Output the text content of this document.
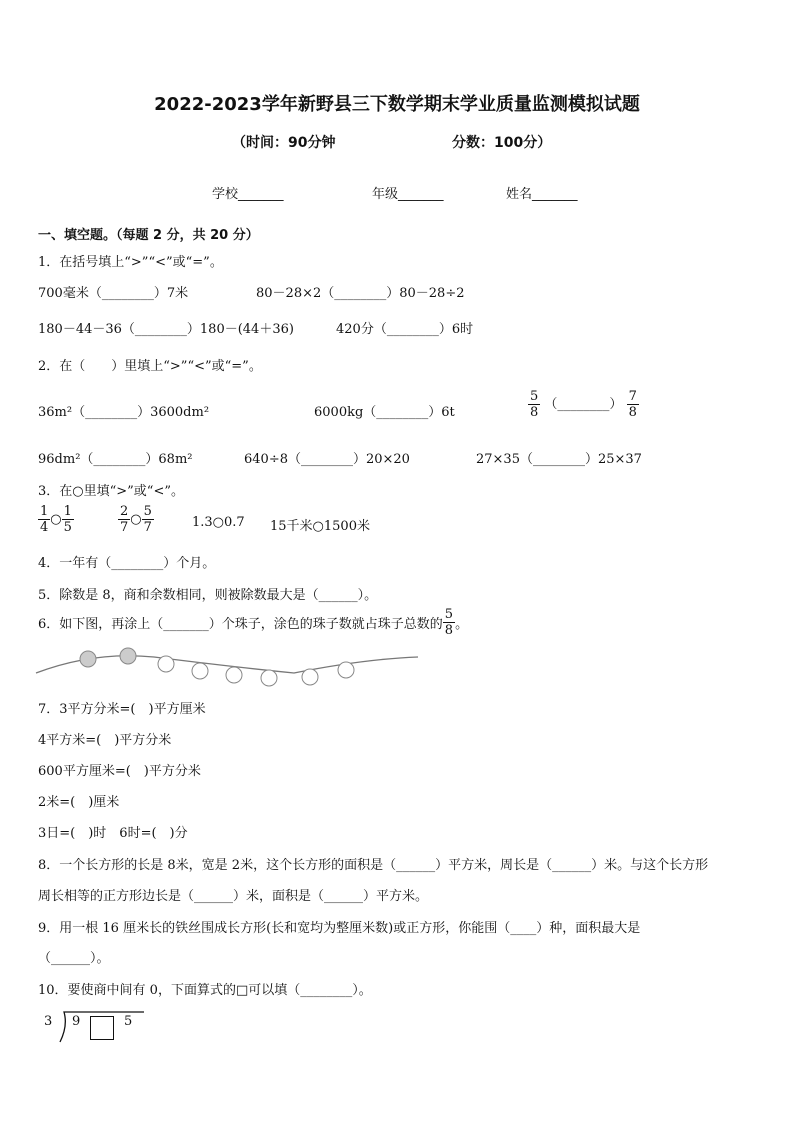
2022-2023学年新野县三下数学期末学业质量监测模拟试题
（时间：90分钟	分数：100分）
学校_______	年级_______	姓名_______
一、填空题。（每题 2 分，共 20 分）
1．在括号填上“>”“<”或“=”。
700毫米（________）7米	80－28×2（________）80－28÷2
180－44－36（________）180－(44＋36)	420分（________）6时
2．在（　　）里填上“>”“<”或“=”。
36m²（________）3600dm²	6000kg（________）6t	$\frac{5}{8}$ （________） $\frac{7}{8}$
96dm²（________）68m²	640÷8（________）20×20	27×35（________）25×37
3．在○里填“>”或“<”。
$\frac{1}{4}$ ○ $\frac{1}{5}$	$\frac{2}{7}$ ○ $\frac{5}{7}$	1.3○0.7 15千米○1500米
4．一年有（________）个月。
5．除数是 8，商和余数相同，则被除数最大是（______）。
6．如下图，再涂上（_______）个珠子，涂色的珠子数就占珠子总数的 $\frac{5}{8}$ 。
7．3平方分米=(　)平方厘米
4平方米=(　)平方分米
600平方厘米=(　)平方分米
2米=(　)厘米
3日=(　)时　6时=(　)分
8．一个长方形的长是 8米，宽是 2米，这个长方形的面积是（______）平方米，周长是（______）米。与这个长方形
周长相等的正方形边长是（______）米，面积是（______）平方米。
9．用一根 16 厘米长的铁丝围成长方形(长和宽均为整厘米数)或正方形，你能围（____）种，面积最大是
（______）。
10．要使商中间有 0，下面算式的□可以填（________）。
3 9	5
